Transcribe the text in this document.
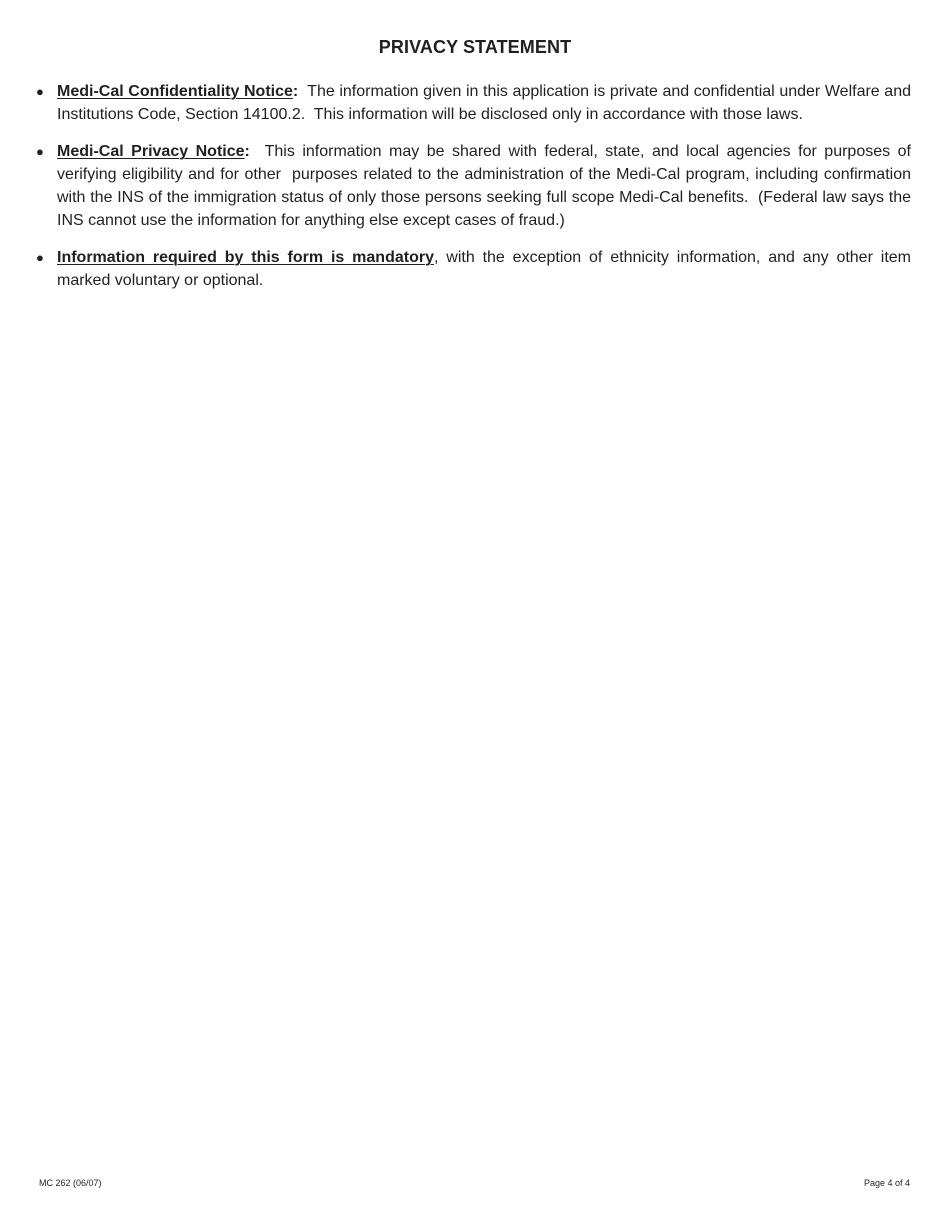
PRIVACY STATEMENT
● Medi-Cal Confidentiality Notice:  The information given in this application is private and confidential under Welfare and Institutions Code, Section 14100.2.  This information will be disclosed only in accordance with those laws.
● Medi-Cal Privacy Notice:  This information may be shared with federal, state, and local agencies for purposes of verifying eligibility and for other  purposes related to the administration of the Medi-Cal program, including confirmation with the INS of the immigration status of only those persons seeking full scope Medi-Cal benefits.  (Federal law says the INS cannot use the information for anything else except cases of fraud.)
● Information required by this form is mandatory, with the exception of ethnicity information, and any other item marked voluntary or optional.
MC 262 (06/07)	Page 4 of 4
